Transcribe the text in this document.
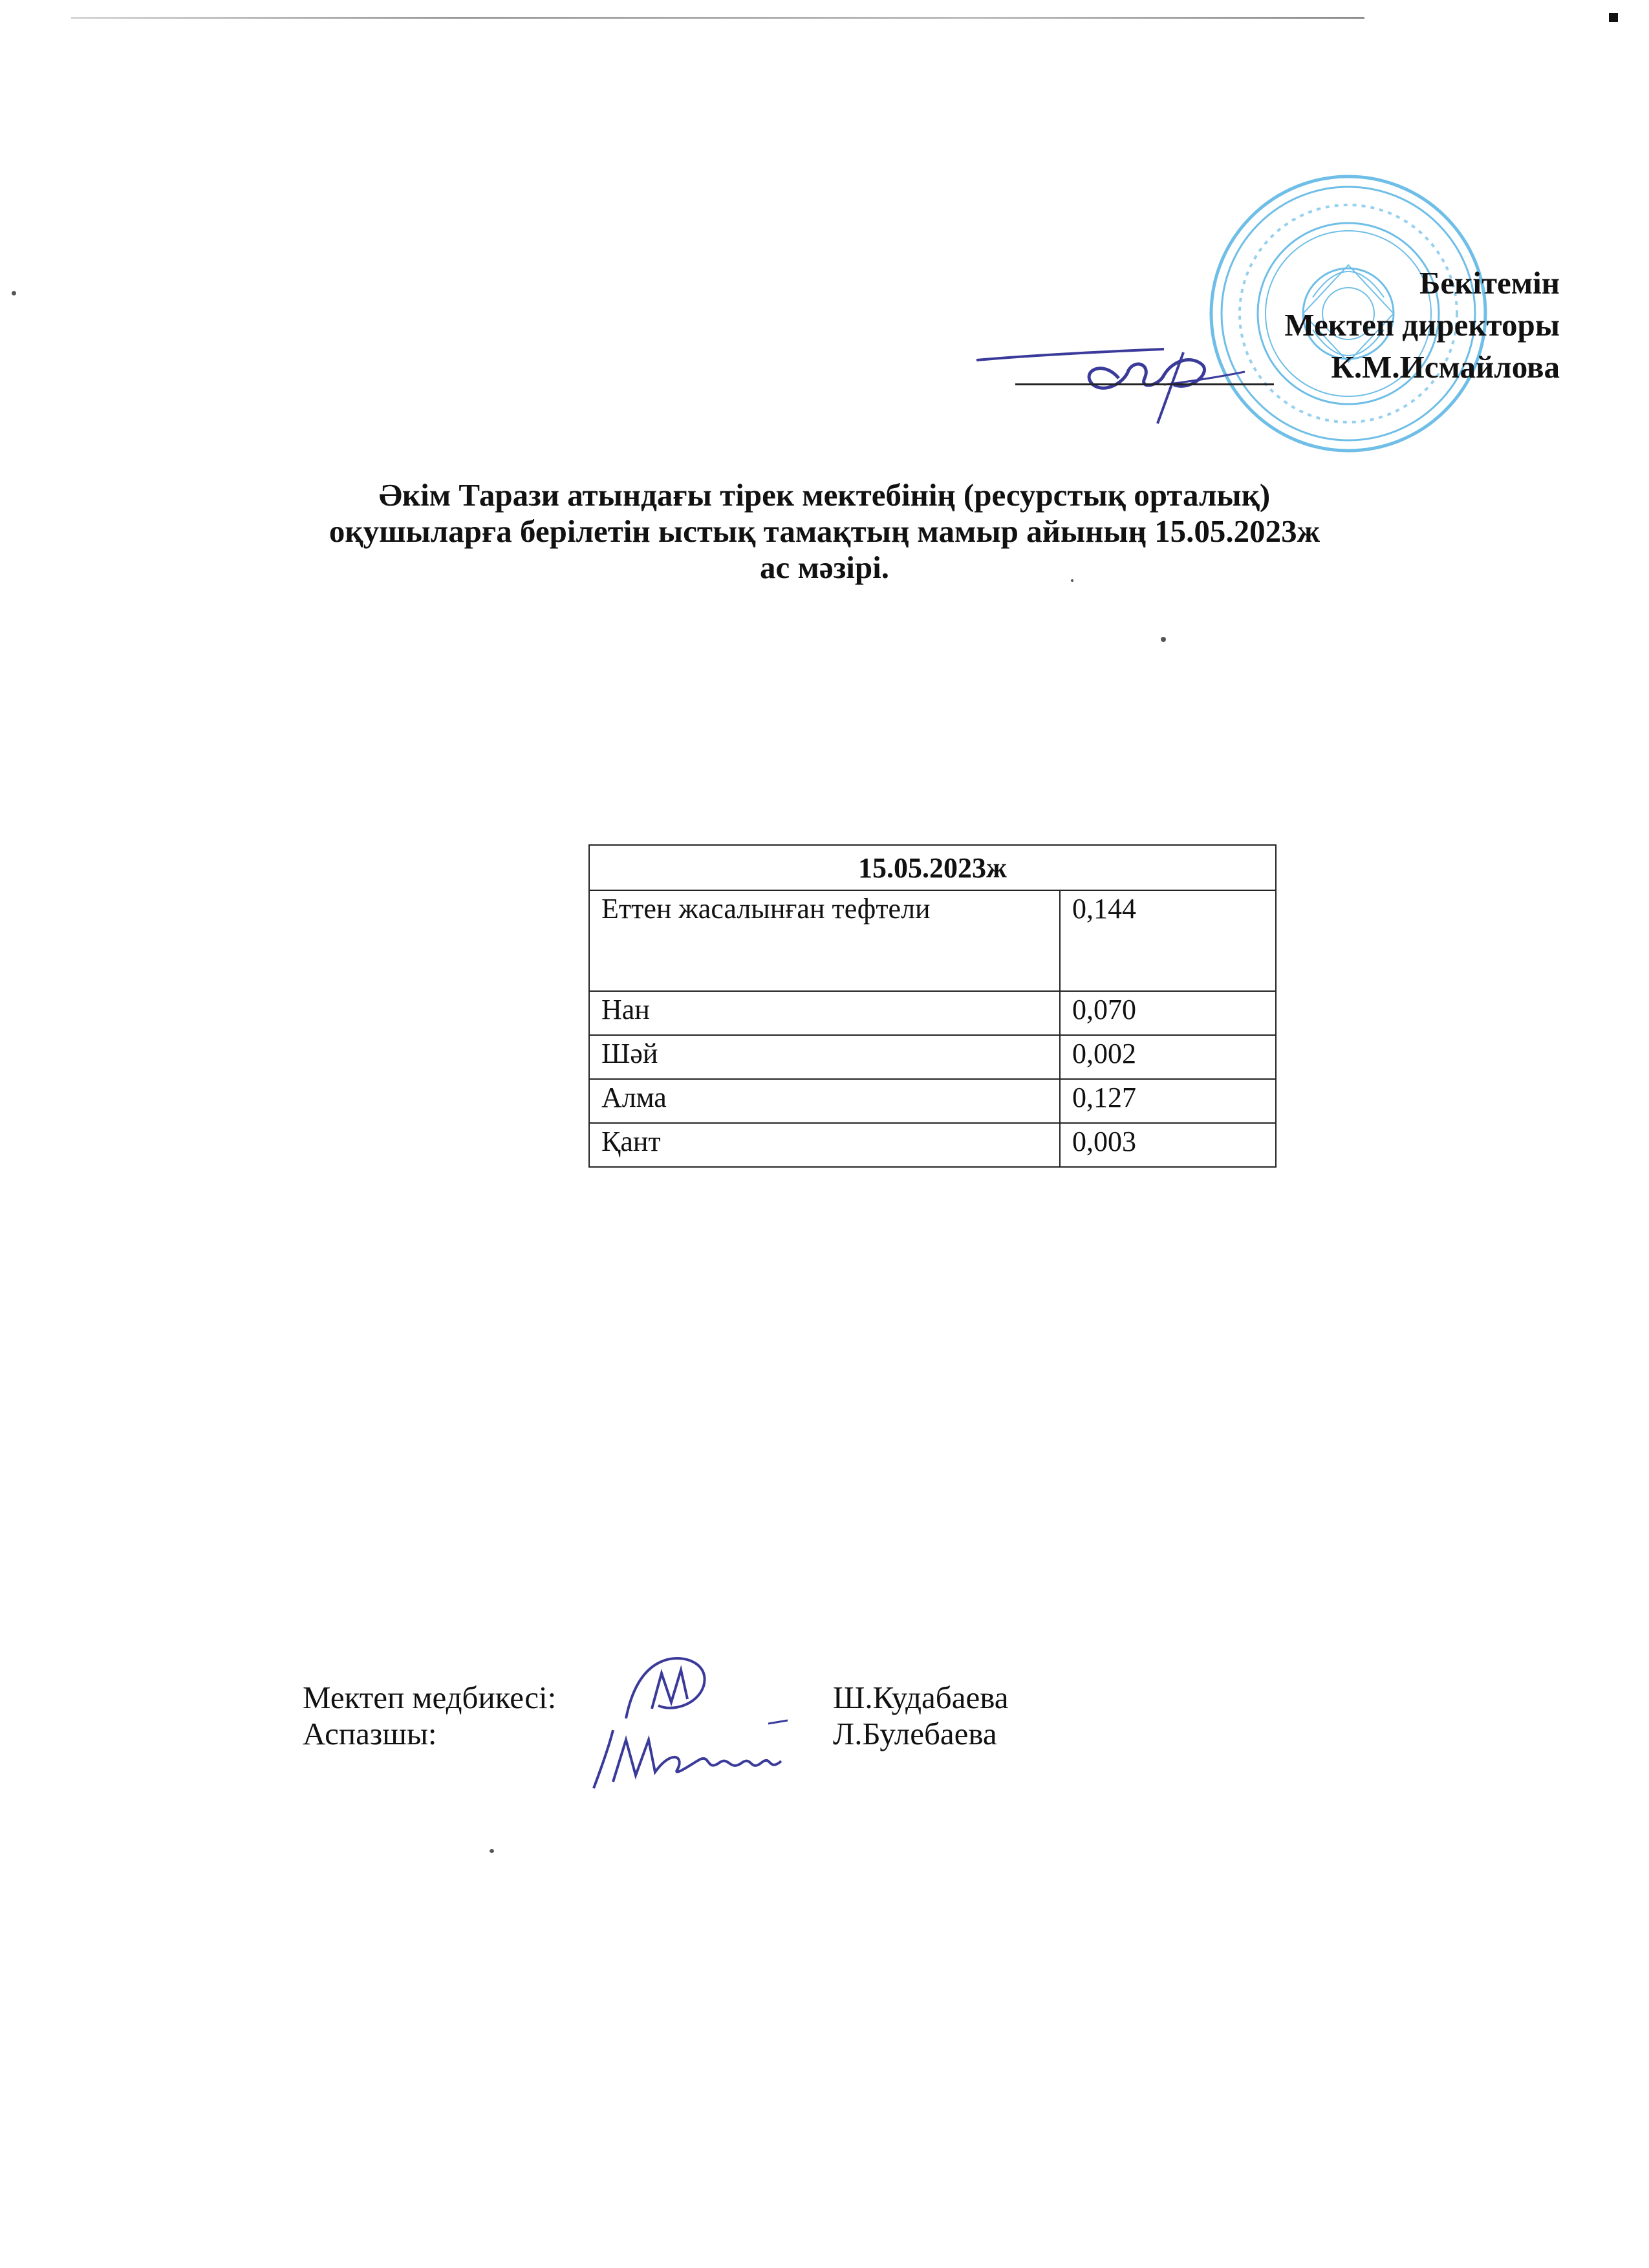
Бекітемін
Мектеп директоры
К.М.Исмайлова
Әкім Тарази атындағы тірек мектебінің (ресурстық орталық)
оқушыларға берілетін ыстық тамақтың мамыр айының 15.05.2023ж
ас мәзірі.
15.05.2023ж	
Еттен жасалынған тефтели	0,144
Нан	0,070
Шәй	0,002
Алма	0,127
Қант	0,003
Мектеп медбикесі:	Ш.Кудабаева
Аспазшы:	Л.Булебаева
